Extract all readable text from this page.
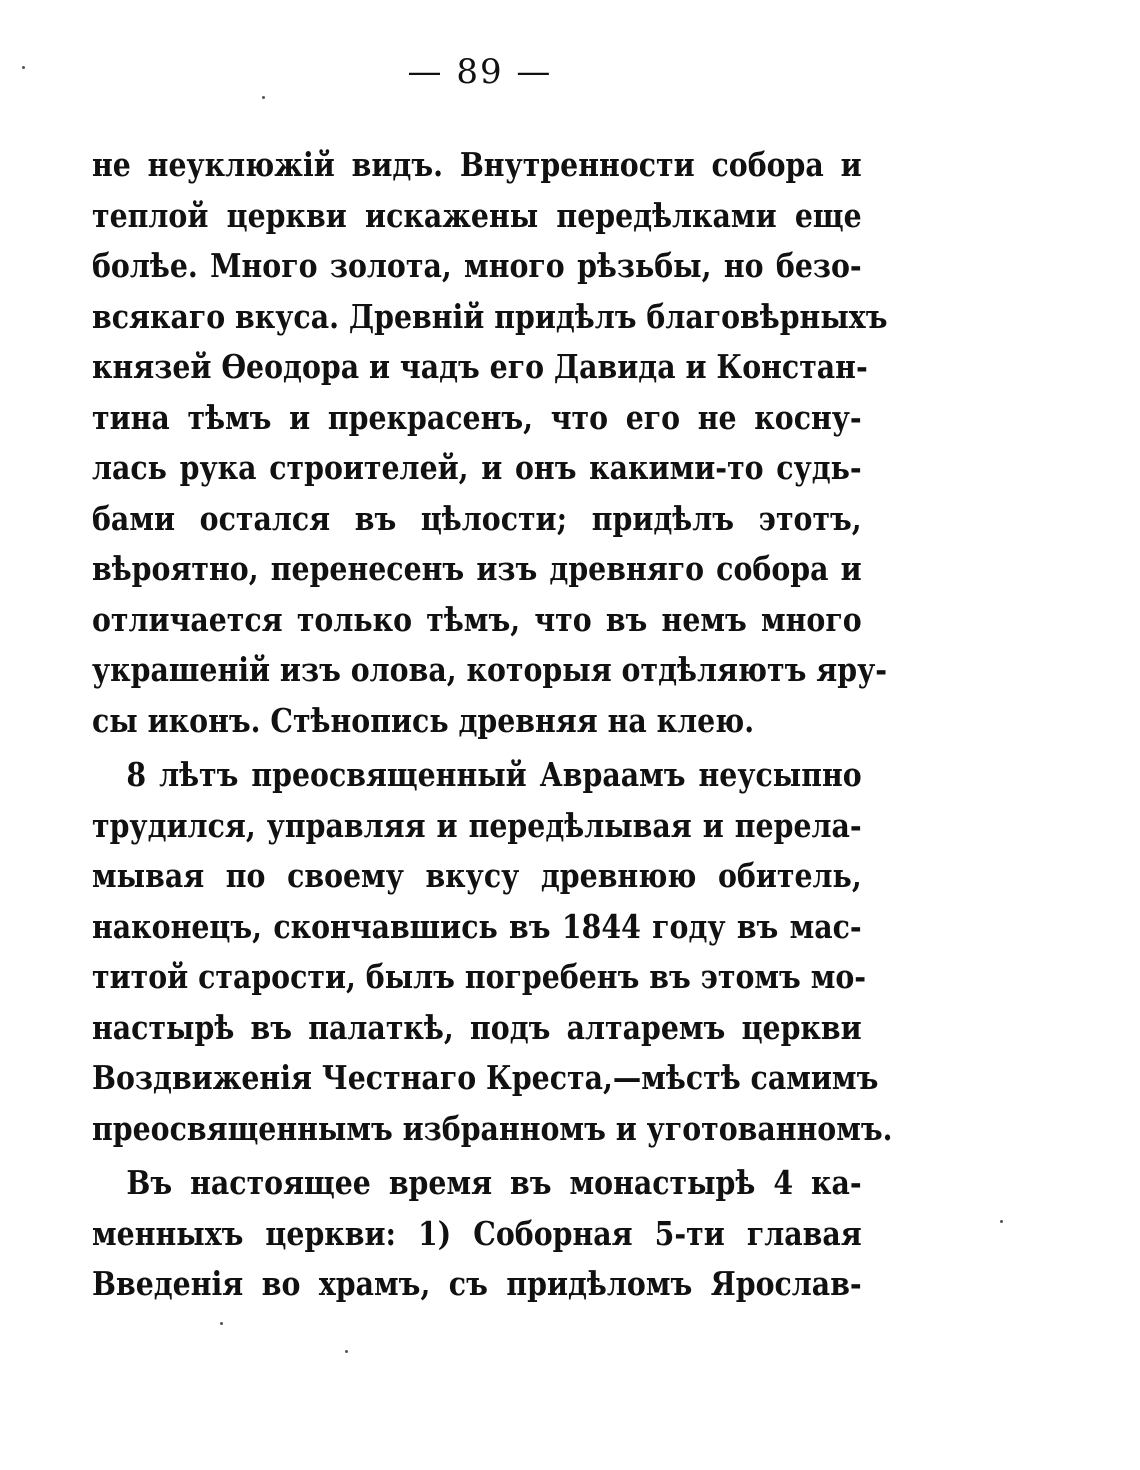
— 89 —
не неуклюжій видъ. Внутренности собора и
теплой церкви искажены передѣлками еще
болѣе. Много золота, много рѣзьбы, но безо-
всякаго вкуса. Древній придѣлъ благовѣрныхъ
князей Ѳеодора и чадъ его Давида и Констан-
тина тѣмъ и прекрасенъ, что его не косну-
лась рука строителей, и онъ какими-то судь-
бами остался въ цѣлости; придѣлъ этотъ,
вѣроятно, перенесенъ изъ древняго собора и
отличается только тѣмъ, что въ немъ много
украшеній изъ олова, которыя отдѣляютъ яру-
сы иконъ. Стѣнопись древняя на клею.
8 лѣтъ преосвященный Авраамъ неусыпно
трудился, управляя и передѣлывая и перела-
мывая по своему вкусу древнюю обитель,
наконецъ, скончавшись въ 1844 году въ мас-
титой старости, былъ погребенъ въ этомъ мо-
настырѣ въ палаткѣ, подъ алтаремъ церкви
Воздвиженія Честнаго Креста,—мѣстѣ самимъ
преосвященнымъ избранномъ и уготованномъ.
Въ настоящее время въ монастырѣ 4 ка-
менныхъ церкви: 1) Соборная 5-ти главая
Введенія во храмъ, съ придѣломъ Ярослав-
